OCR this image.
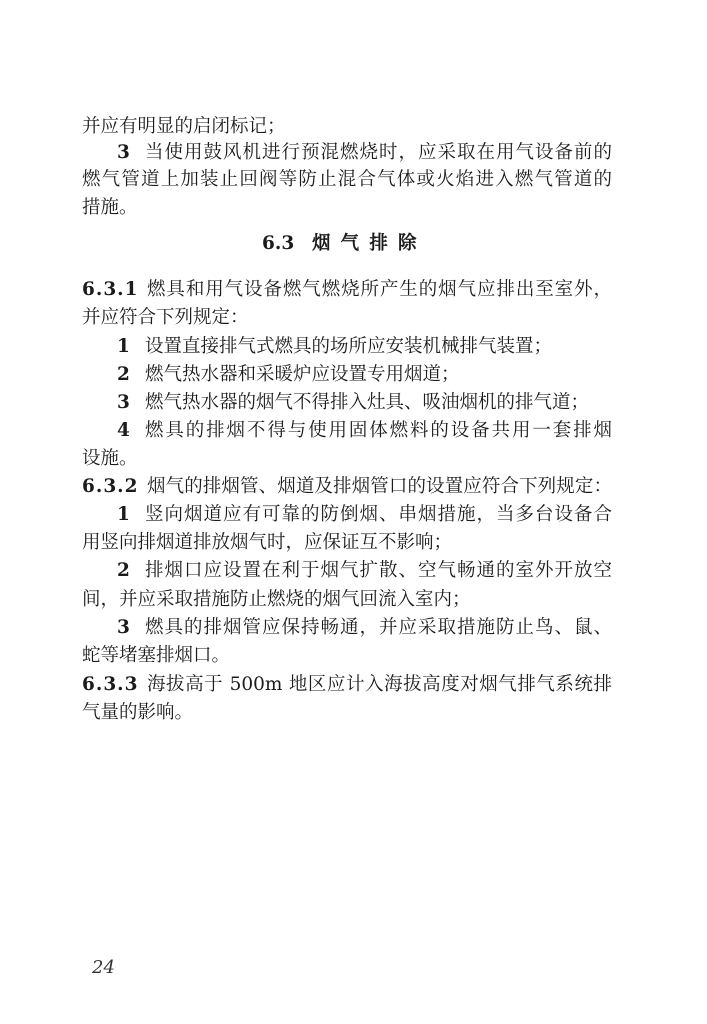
并应有明显的启闭标记；
3 当使用鼓风机进行预混燃烧时，应采取在用气设备前的
燃气管道上加装止回阀等防止混合气体或火焰进入燃气管道的
措施。
6.3 烟气排除
6.3.1 燃具和用气设备燃气燃烧所产生的烟气应排出至室外，
并应符合下列规定：
1 设置直接排气式燃具的场所应安装机械排气装置；
2 燃气热水器和采暖炉应设置专用烟道；
3 燃气热水器的烟气不得排入灶具、吸油烟机的排气道；
4 燃具的排烟不得与使用固体燃料的设备共用一套排烟
设施。
6.3.2 烟气的排烟管、烟道及排烟管口的设置应符合下列规定：
1 竖向烟道应有可靠的防倒烟、串烟措施，当多台设备合
用竖向排烟道排放烟气时，应保证互不影响；
2 排烟口应设置在利于烟气扩散、空气畅通的室外开放空
间，并应采取措施防止燃烧的烟气回流入室内；
3 燃具的排烟管应保持畅通，并应采取措施防止鸟、鼠、
蛇等堵塞排烟口。
6.3.3 海拔高于 500m 地区应计入海拔高度对烟气排气系统排
气量的影响。
24
